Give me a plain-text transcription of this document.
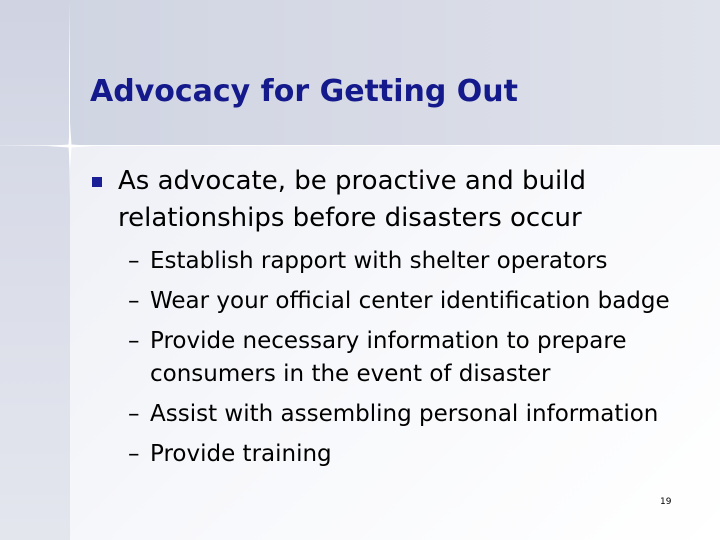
Advocacy for Getting Out
As advocate, be proactive and build relationships before disasters occur
– Establish rapport with shelter operators
– Wear your official center identification badge
– Provide necessary information to prepare consumers in the event of disaster
– Assist with assembling personal information
– Provide training
19
